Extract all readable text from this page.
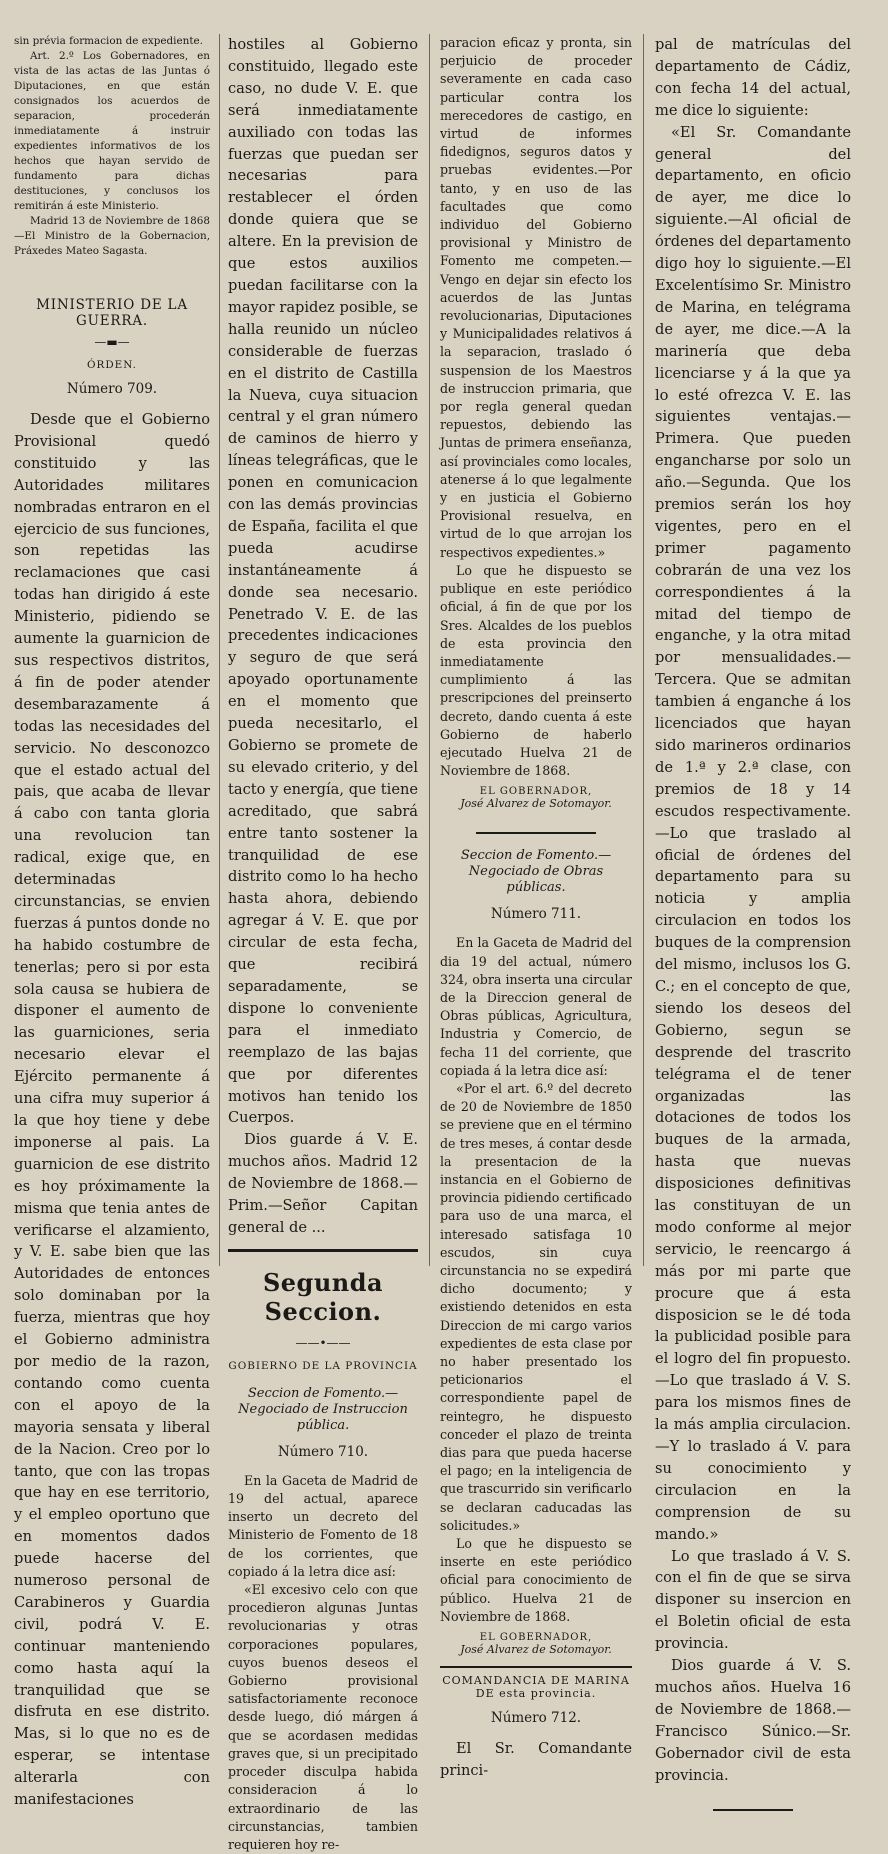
sin prévia formacion de expediente.

Art. 2.º Los Gobernadores, en vista de las actas de las Juntas ó Diputaciones, en que están consignados los acuerdos de separacion, procederán inmediatamente á instruir expedientes informativos de los hechos que hayan servido de fundamento para dichas destituciones, y conclusos los remitirán á este Ministerio.

Madrid 13 de Noviembre de 1868 —El Ministro de la Gobernacion, Práxedes Mateo Sagasta.

MINISTERIO DE LA GUERRA.
—▬—
ÓRDEN.
Número 709.

Desde que el Gobierno Provisional quedó constituido y las Autoridades militares nombradas entraron en el ejercicio de sus funciones, son repetidas las reclamaciones que casi todas han dirigido á este Ministerio, pidiendo se aumente la guarnicion de sus respectivos distritos, á fin de poder atender desembarazamente á todas las necesidades del servicio. No desconozco que el estado actual del pais, que acaba de llevar á cabo con tanta gloria una revolucion tan radical, exige que, en determinadas circunstancias, se envien fuerzas á puntos donde no ha habido costumbre de tenerlas; pero si por esta sola causa se hubiera de disponer el aumento de las guarniciones, seria necesario elevar el Ejército permanente á una cifra muy superior á la que hoy tiene y debe imponerse al pais. La guarnicion de ese distrito es hoy próximamente la misma que tenia antes de verificarse el alzamiento, y V. E. sabe bien que las Autoridades de entonces solo dominaban por la fuerza, mientras que hoy el Gobierno administra por medio de la razon, contando como cuenta con el apoyo de la mayoria sensata y liberal de la Nacion. Creo por lo tanto, que con las tropas que hay en ese territorio, y el empleo oportuno que en momentos dados puede hacerse del numeroso personal de Carabineros y Guardia civil, podrá V. E. continuar manteniendo como hasta aquí la tranquilidad que se disfruta en ese distrito. Mas, si lo que no es de esperar, se intentase alterarla con manifestaciones

hostiles al Gobierno constituido, llegado este caso, no dude V. E. que será inmediatamente auxiliado con todas las fuerzas que puedan ser necesarias para restablecer el órden donde quiera que se altere. En la prevision de que estos auxilios puedan facilitarse con la mayor rapidez posible, se halla reunido un núcleo considerable de fuerzas en el distrito de Castilla la Nueva, cuya situacion central y el gran número de caminos de hierro y líneas telegráficas, que le ponen en comunicacion con las demás provincias de España, facilita el que pueda acudirse instantáneamente á donde sea necesario. Penetrado V. E. de las precedentes indicaciones y seguro de que será apoyado oportunamente en el momento que pueda necesitarlo, el Gobierno se promete de su elevado criterio, y del tacto y energía, que tiene acreditado, que sabrá entre tanto sostener la tranquilidad de ese distrito como lo ha hecho hasta ahora, debiendo agregar á V. E. que por circular de esta fecha, que recibirá separadamente, se dispone lo conveniente para el inmediato reemplazo de las bajas que por diferentes motivos han tenido los Cuerpos.

Dios guarde á V. E. muchos años. Madrid 12 de Noviembre de 1868.—Prim.—Señor Capitan general de ...

Segunda Seccion.
——•——
GOBIERNO DE LA PROVINCIA
Seccion de Fomento.—Negociado de Instruccion pública.
Número 710.

En la Gaceta de Madrid de 19 del actual, aparece inserto un decreto del Ministerio de Fomento de 18 de los corrientes, que copiado á la letra dice así:

«El excesivo celo con que procedieron algunas Juntas revolucionarias y otras corporaciones populares, cuyos buenos deseos el Gobierno provisional satisfactoriamente reconoce desde luego, dió márgen á que se acordasen medidas graves que, si un precipitado proceder disculpa habida consideracion á lo extraordinario de las circunstancias, tambien requieren hoy re-

paracion eficaz y pronta, sin perjuicio de proceder severamente en cada caso particular contra los merecedores de castigo, en virtud de informes fidedignos, seguros datos y pruebas evidentes.—Por tanto, y en uso de las facultades que como individuo del Gobierno provisional y Ministro de Fomento me competen.—Vengo en dejar sin efecto los acuerdos de las Juntas revolucionarias, Diputaciones y Municipalidades relativos á la separacion, traslado ó suspension de los Maestros de instruccion primaria, que por regla general quedan repuestos, debiendo las Juntas de primera enseñanza, así provinciales como locales, atenerse á lo que legalmente y en justicia el Gobierno Provisional resuelva, en virtud de lo que arrojan los respectivos expedientes.»

Lo que he dispuesto se publique en este periódico oficial, á fin de que por los Sres. Alcaldes de los pueblos de esta provincia den inmediatamente cumplimiento á las prescripciones del preinserto decreto, dando cuenta á este Gobierno de haberlo ejecutado Huelva 21 de Noviembre de 1868.

EL GOBERNADOR,
José Alvarez de Sotomayor.
Seccion de Fomento.—Negociado de Obras públicas.
Número 711.

En la Gaceta de Madrid del dia 19 del actual, número 324, obra inserta una circular de la Direccion general de Obras públicas, Agricultura, Industria y Comercio, de fecha 11 del corriente, que copiada á la letra dice así:

«Por el art. 6.º del decreto de 20 de Noviembre de 1850 se previene que en el término de tres meses, á contar desde la presentacion de la instancia en el Gobierno de provincia pidiendo certificado para uso de una marca, el interesado satisfaga 10 escudos, sin cuya circunstancia no se expedirá dicho documento; y existiendo detenidos en esta Direccion de mi cargo varios expedientes de esta clase por no haber presentado los peticionarios el correspondiente papel de reintegro, he dispuesto conceder el plazo de treinta dias para que pueda hacerse el pago; en la inteligencia de que trascurrido sin verificarlo se declaran caducadas las solicitudes.»

Lo que he dispuesto se inserte en este periódico oficial para conocimiento de público. Huelva 21 de Noviembre de 1868.

EL GOBERNADOR,
José Alvarez de Sotomayor.
COMANDANCIA DE MARINA DE esta provincia.
Número 712.

El Sr. Comandante princi-

pal de matrículas del departamento de Cádiz, con fecha 14 del actual, me dice lo siguiente:

«El Sr. Comandante general del departamento, en oficio de ayer, me dice lo siguiente.—Al oficial de órdenes del departamento digo hoy lo siguiente.—El Excelentísimo Sr. Ministro de Marina, en telégrama de ayer, me dice.—A la marinería que deba licenciarse y á la que ya lo esté ofrezca V. E. las siguientes ventajas.—Primera. Que pueden engancharse por solo un año.—Segunda. Que los premios serán los hoy vigentes, pero en el primer pagamento cobrarán de una vez los correspondientes á la mitad del tiempo de enganche, y la otra mitad por mensualidades.—Tercera. Que se admitan tambien á enganche á los licenciados que hayan sido marineros ordinarios de 1.ª y 2.ª clase, con premios de 18 y 14 escudos respectivamente.—Lo que traslado al oficial de órdenes del departamento para su noticia y amplia circulacion en todos los buques de la comprension del mismo, inclusos los G. C.; en el concepto de que, siendo los deseos del Gobierno, segun se desprende del trascrito telégrama el de tener organizadas las dotaciones de todos los buques de la armada, hasta que nuevas disposiciones definitivas las constituyan de un modo conforme al mejor servicio, le reencargo á más por mi parte que procure que á esta disposicion se le dé toda la publicidad posible para el logro del fin propuesto.—Lo que traslado á V. S. para los mismos fines de la más amplia circulacion.—Y lo traslado á V. para su conocimiento y circulacion en la comprension de su mando.»

Lo que traslado á V. S. con el fin de que se sirva disponer su insercion en el Boletin oficial de esta provincia.

Dios guarde á V. S. muchos años. Huelva 16 de Noviembre de 1868.—Francisco Súnico.—Sr. Gobernador civil de esta provincia.
